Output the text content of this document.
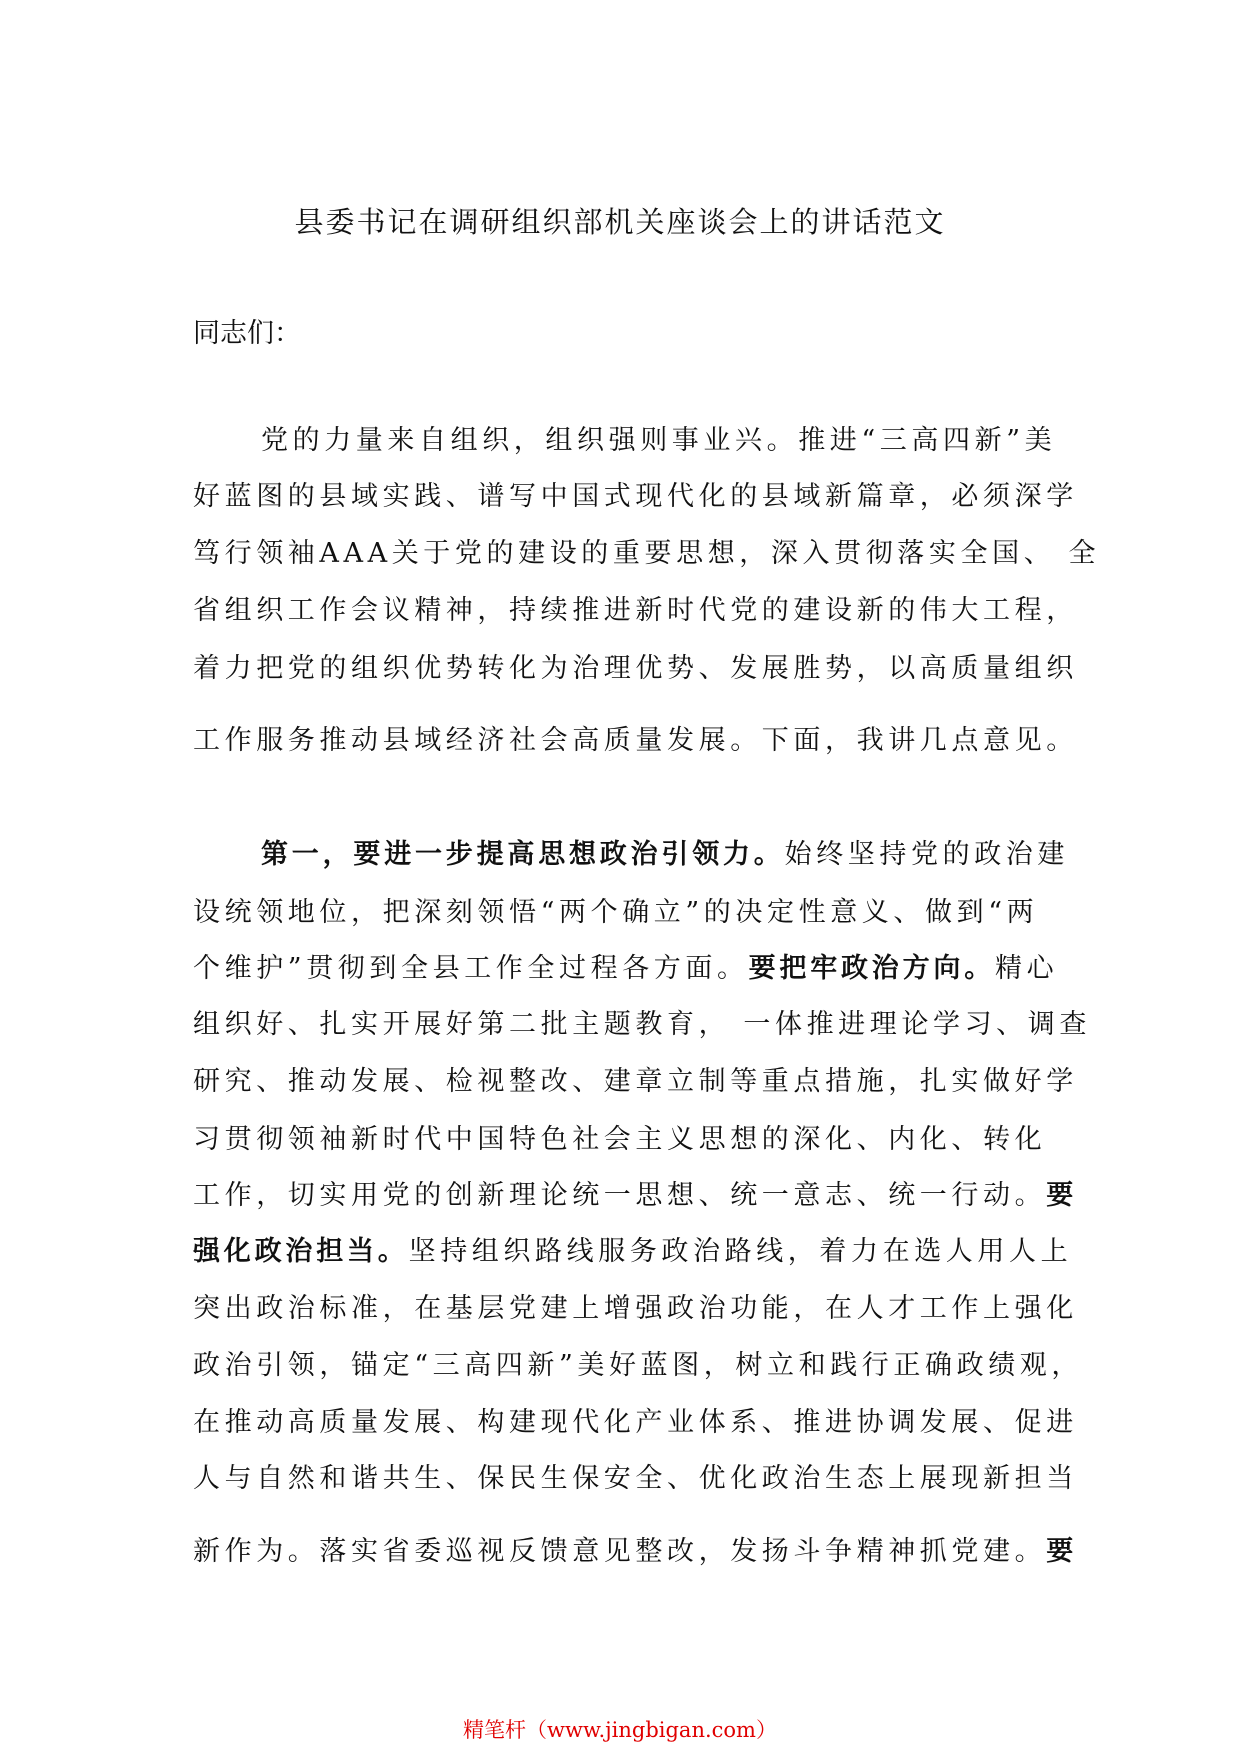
县委书记在调研组织部机关座谈会上的讲话范文
同志们：
党的力量来自组织，组织强则事业兴。推进“三高四新”美
好蓝图的县域实践、谱写中国式现代化的县域新篇章，必须深学
笃行领袖AAA关于党的建设的重要思想，深入贯彻落实全国、 全
省组织工作会议精神，持续推进新时代党的建设新的伟大工程，
着力把党的组织优势转化为治理优势、发展胜势，以高质量组织
工作服务推动县域经济社会高质量发展。下面，我讲几点意见。
第一，要进一步提高思想政治引领力。始终坚持党的政治建
设统领地位，把深刻领悟“两个确立”的决定性意义、做到“两
个维护”贯彻到全县工作全过程各方面。要把牢政治方向。精心
组织好、扎实开展好第二批主题教育， 一体推进理论学习、调查
研究、推动发展、检视整改、建章立制等重点措施，扎实做好学
习贯彻领袖新时代中国特色社会主义思想的深化、内化、转化
工作，切实用党的创新理论统一思想、统一意志、统一行动。要
强化政治担当。坚持组织路线服务政治路线，着力在选人用人上
突出政治标准，在基层党建上增强政治功能，在人才工作上强化
政治引领，锚定“三高四新”美好蓝图，树立和践行正确政绩观，
在推动高质量发展、构建现代化产业体系、推进协调发展、促进
人与自然和谐共生、保民生保安全、优化政治生态上展现新担当
新作为。落实省委巡视反馈意见整改，发扬斗争精神抓党建。要
精笔杆（www.jingbigan.com）
